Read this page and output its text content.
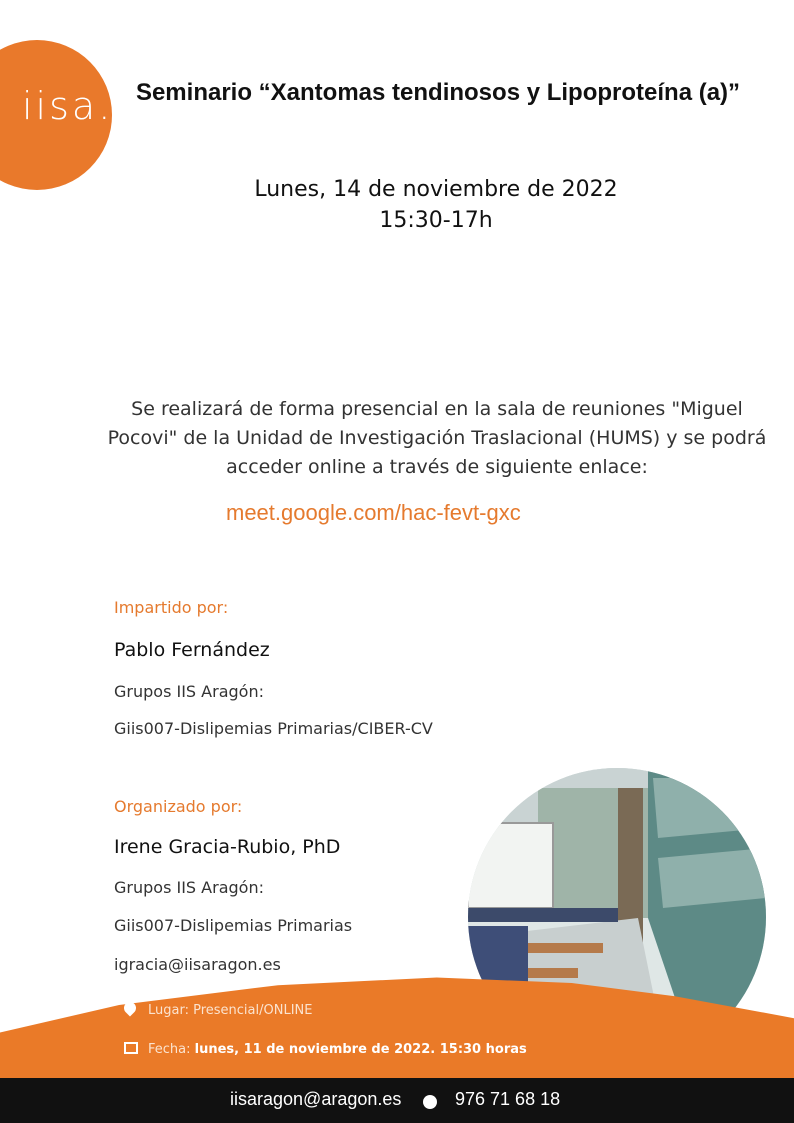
iisa. Seminario “Xantomas tendinosos y Lipoproteína (a)”
Lunes, 14 de noviembre de 2022
15:30-17h
Se realizará de forma presencial en la sala de reuniones "Miguel Pocovi" de la Unidad de Investigación Traslacional (HUMS) y se podrá acceder online a través de siguiente enlace:
meet.google.com/hac-fevt-gxc
Impartido por:
Pablo Fernández
Grupos IIS Aragón:
Giis007-Dislipemias Primarias/CIBER-CV
Organizado por:
Irene Gracia-Rubio, PhD
Grupos IIS Aragón:
Giis007-Dislipemias Primarias
igracia@iisaragon.es
Lugar: Presencial/ONLINE
Fecha: lunes, 11 de noviembre de 2022. 15:30 horas
iisaragon@aragon.es	976 71 68 18
